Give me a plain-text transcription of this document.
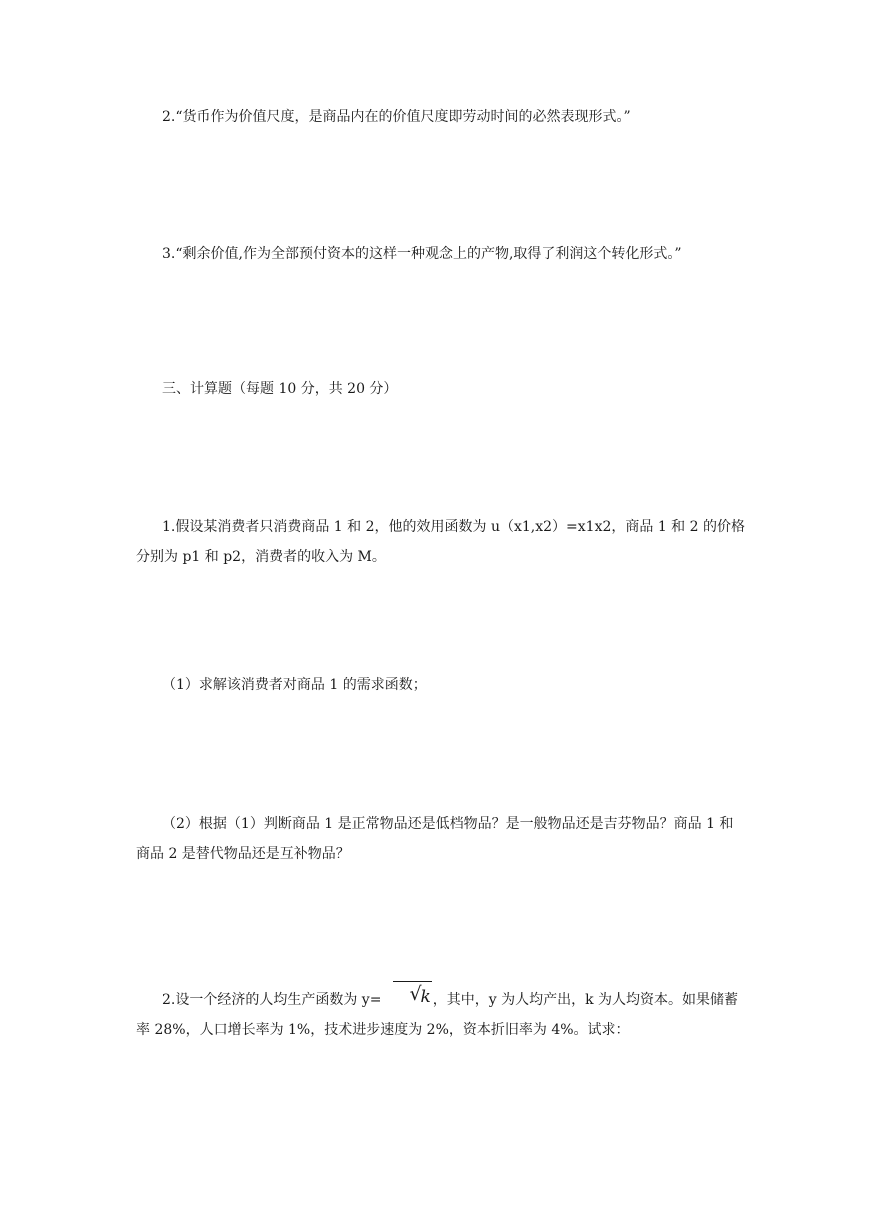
2.“货币作为价值尺度，是商品内在的价值尺度即劳动时间的必然表现形式。”

3.“剩余价值,作为全部预付资本的这样一种观念上的产物,取得了利润这个转化形式。”

三、计算题（每题 10 分，共 20 分）

1.假设某消费者只消费商品 1 和 2，他的效用函数为 u（x1,x2）=x1x2，商品 1 和 2 的价格分别为 p1 和 p2，消费者的收入为 M。

（1）求解该消费者对商品 1 的需求函数；

（2）根据（1）判断商品 1 是正常物品还是低档物品？是一般物品还是吉芬物品？商品 1 和商品 2 是替代物品还是互补物品？

2.设一个经济的人均生产函数为 y=	√
k ，其中，y 为人均产出，k 为人均资本。如果储蓄率 28%，人口增长率为 1%，技术进步速度为 2%，资本折旧率为 4%。试求：
